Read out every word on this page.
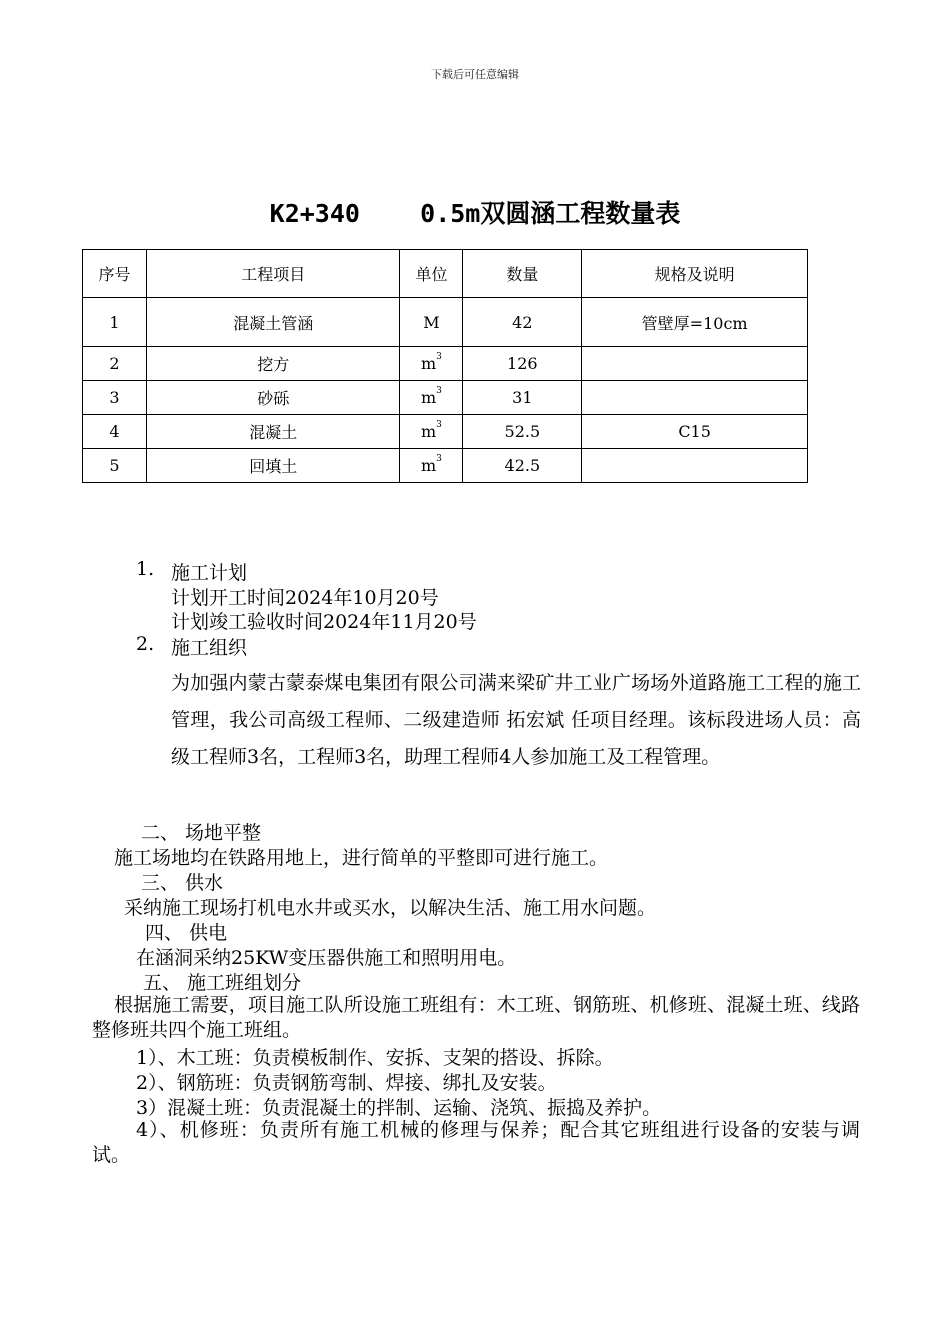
下载后可任意编辑
K2+340    0.5m双圆涵工程数量表
序号	工程项目	单位	数量	规格及说明
1	混凝土管涵	M	42	管壁厚=10cm
2	挖方	$m^3$	126	
3	砂砾	$m^3$	31	
4	混凝土	$m^3$	52.5	C15
5	回填土	$m^3$	42.5	
1. 施工计划
计划开工时间2024年10月20号
计划竣工验收时间2024年11月20号
2. 施工组织
为加强内蒙古蒙泰煤电集团有限公司满来梁矿井工业广场场外道路施工工程的施工管理，我公司高级工程师、二级建造师 拓宏斌 任项目经理。该标段进场人员：高级工程师3名，工程师3名，助理工程师4人参加施工及工程管理。
二、 场地平整
施工场地均在铁路用地上，进行简单的平整即可进行施工。
三、 供水
采纳施工现场打机电水井或买水，以解决生活、施工用水问题。
四、 供电
在涵洞采纳25KW变压器供施工和照明用电。
五、 施工班组划分
根据施工需要，项目施工队所设施工班组有：木工班、钢筋班、机修班、混凝土班、线路整修班共四个施工班组。
1）、木工班：负责模板制作、安拆、支架的搭设、拆除。
2）、钢筋班：负责钢筋弯制、焊接、绑扎及安装。
3）混凝土班：负责混凝土的拌制、运输、浇筑、振捣及养护。
4）、机修班：负责所有施工机械的修理与保养；配合其它班组进行设备的安装与调试。
